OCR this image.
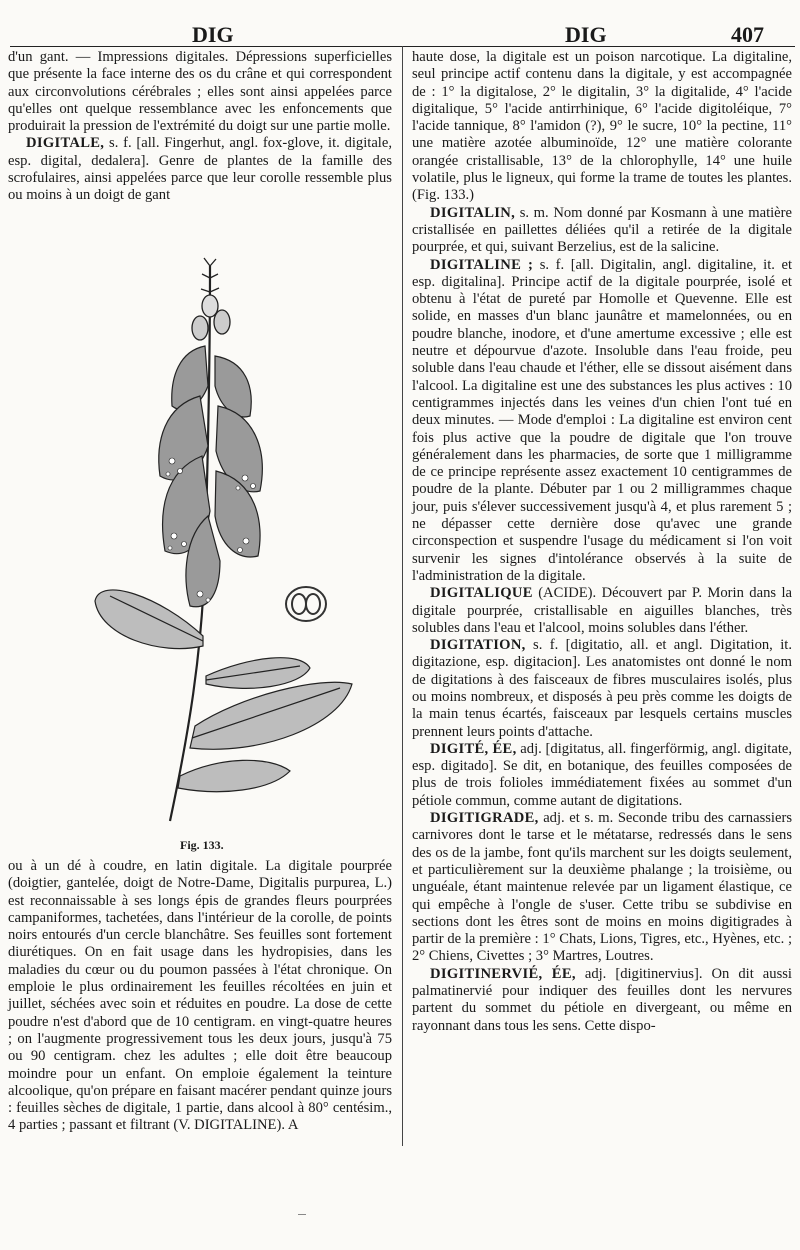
DIG	DIG	407

d'un gant. — Impressions digitales. Dépressions superficielles que présente la face interne des os du crâne et qui correspondent aux circonvolutions cérébrales ; elles sont ainsi appelées parce qu'elles ont quelque ressemblance avec les enfoncements que produirait la pression de l'extrémité du doigt sur une partie molle.

DIGITALE, s. f. [all. Fingerhut, angl. fox-glove, it. digitale, esp. digital, dedalera]. Genre de plantes de la famille des scrofulaires, ainsi appelées parce que leur corolle ressemble plus ou moins à un doigt de gant

Fig. 133.

ou à un dé à coudre, en latin digitale. La digitale pourprée (doigtier, gantelée, doigt de Notre-Dame, Digitalis purpurea, L.) est reconnaissable à ses longs épis de grandes fleurs pourprées campaniformes, tachetées, dans l'intérieur de la corolle, de points noirs entourés d'un cercle blanchâtre. Ses feuilles sont fortement diurétiques. On en fait usage dans les hydropisies, dans les maladies du cœur ou du poumon passées à l'état chronique. On emploie le plus ordinairement les feuilles récoltées en juin et juillet, séchées avec soin et réduites en poudre. La dose de cette poudre n'est d'abord que de 10 centigram. en vingt-quatre heures ; on l'augmente progressivement tous les deux jours, jusqu'à 75 ou 90 centigram. chez les adultes ; elle doit être beaucoup moindre pour un enfant. On emploie également la teinture alcoolique, qu'on prépare en faisant macérer pendant quinze jours : feuilles sèches de digitale, 1 partie, dans alcool à 80° centésim., 4 parties ; passant et filtrant (V. DIGITALINE). A

haute dose, la digitale est un poison narcotique. La digitaline, seul principe actif contenu dans la digitale, y est accompagnée de : 1° la digitalose, 2° le digitalin, 3° la digitalide, 4° l'acide digitalique, 5° l'acide antirrhinique, 6° l'acide digitoléique, 7° l'acide tannique, 8° l'amidon (?), 9° le sucre, 10° la pectine, 11° une matière azotée albuminoïde, 12° une matière colorante orangée cristallisable, 13° de la chlorophylle, 14° une huile volatile, plus le ligneux, qui forme la trame de toutes les plantes. (Fig. 133.)

DIGITALIN, s. m. Nom donné par Kosmann à une matière cristallisée en paillettes déliées qu'il a retirée de la digitale pourprée, et qui, suivant Berzelius, est de la salicine.

DIGITALINE ; s. f. [all. Digitalin, angl. digitaline, it. et esp. digitalina]. Principe actif de la digitale pourprée, isolé et obtenu à l'état de pureté par Homolle et Quevenne. Elle est solide, en masses d'un blanc jaunâtre et mamelonnées, ou en poudre blanche, inodore, et d'une amertume excessive ; elle est neutre et dépourvue d'azote. Insoluble dans l'eau froide, peu soluble dans l'eau chaude et l'éther, elle se dissout aisément dans l'alcool. La digitaline est une des substances les plus actives : 10 centigrammes injectés dans les veines d'un chien l'ont tué en deux minutes. — Mode d'emploi : La digitaline est environ cent fois plus active que la poudre de digitale que l'on trouve généralement dans les pharmacies, de sorte que 1 milligramme de ce principe représente assez exactement 10 centigrammes de poudre de la plante. Débuter par 1 ou 2 milligrammes chaque jour, puis s'élever successivement jusqu'à 4, et plus rarement 5 ; ne dépasser cette dernière dose qu'avec une grande circonspection et suspendre l'usage du médicament si l'on voit survenir les signes d'intolérance observés à la suite de l'administration de la digitale.

DIGITALIQUE (ACIDE). Découvert par P. Morin dans la digitale pourprée, cristallisable en aiguilles blanches, très solubles dans l'eau et l'alcool, moins solubles dans l'éther.

DIGITATION, s. f. [digitatio, all. et angl. Digitation, it. digitazione, esp. digitacion]. Les anatomistes ont donné le nom de digitations à des faisceaux de fibres musculaires isolés, plus ou moins nombreux, et disposés à peu près comme les doigts de la main tenus écartés, faisceaux par lesquels certains muscles prennent leurs points d'attache.

DIGITÉ, ÉE, adj. [digitatus, all. fingerförmig, angl. digitate, esp. digitado]. Se dit, en botanique, des feuilles composées de plus de trois folioles immédiatement fixées au sommet d'un pétiole commun, comme autant de digitations.

DIGITIGRADE, adj. et s. m. Seconde tribu des carnassiers carnivores dont le tarse et le métatarse, redressés dans le sens des os de la jambe, font qu'ils marchent sur les doigts seulement, et particulièrement sur la deuxième phalange ; la troisième, ou unguéale, étant maintenue relevée par un ligament élastique, ce qui empêche à l'ongle de s'user. Cette tribu se subdivise en sections dont les êtres sont de moins en moins digitigrades à partir de la première : 1° Chats, Lions, Tigres, etc., Hyènes, etc. ; 2° Chiens, Civettes ; 3° Martres, Loutres.

DIGITINERVIÉ, ÉE, adj. [digitinervius]. On dit aussi palmatinervié pour indiquer des feuilles dont les nervures partent du sommet du pétiole en divergeant, ou même en rayonnant dans tous les sens. Cette dispo-
